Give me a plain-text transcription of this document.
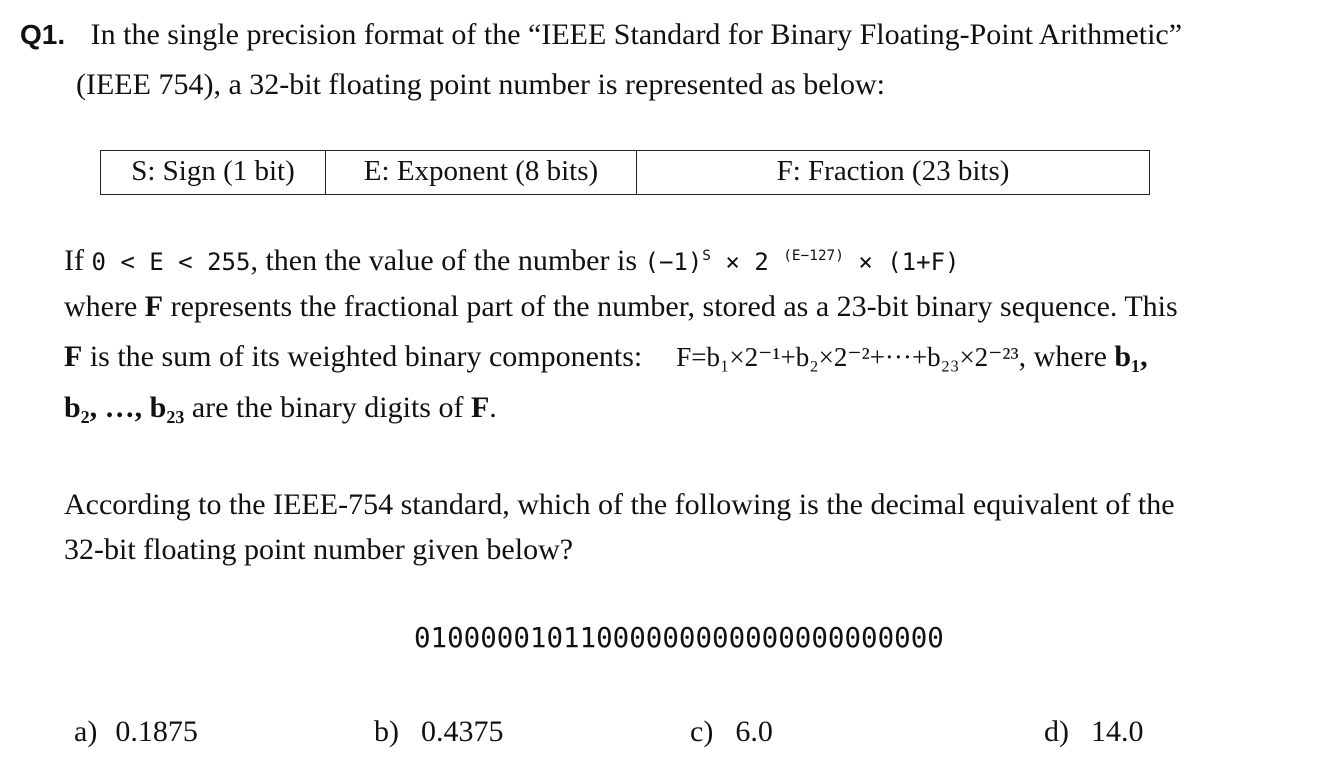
Q1. In the single precision format of the “IEEE Standard for Binary Floating-Point Arithmetic”
(IEEE 754), a 32-bit floating point number is represented as below:
S: Sign (1 bit)	E: Exponent (8 bits)	F: Fraction (23 bits)
If 0 < E < 255, then the value of the number is $(-1)^S \times 2$ $^{(E-127)}$ × (1+F)
where F represents the fractional part of the number, stored as a 23-bit binary sequence. This
F is the sum of its weighted binary components: F=b₁×2⁻¹+b₂×2⁻²+···+b₂₃×2⁻²³, where b₁,
b₂, …, b₂₃ are the binary digits of F.
According to the IEEE-754 standard, which of the following is the decimal equivalent of the
32-bit floating point number given below?
01000001011000000000000000000000
a) 0.1875	b) 0.4375	c) 6.0	d) 14.0
